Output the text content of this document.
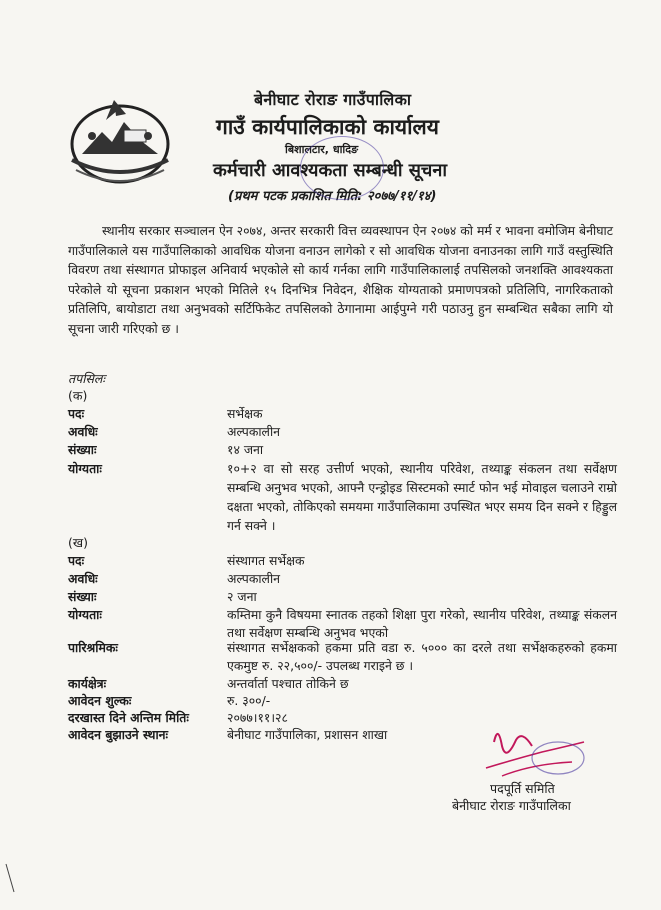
बेनीघाट रोराङ गाउँपालिका
गाउँ कार्यपालिकाको कार्यालय
बिशालटार, धादिङ
कर्मचारी आवश्यकता सम्बन्धी सूचना
(प्रथम पटक प्रकाशित मिति: २०७७/११/१४)
स्थानीय सरकार सञ्चालन ऐन २०७४, अन्तर सरकारी वित्त व्यवस्थापन ऐन २०७४ को मर्म र भावना वमोजिम बेनीघाट गाउँपालिकाले यस गाउँपालिकाको आवधिक योजना वनाउन लागेको र सो आवधिक योजना वनाउनका लागि गाउँ वस्तुस्थिति विवरण तथा संस्थागत प्रोफाइल अनिवार्य भएकोले सो कार्य गर्नका लागि गाउँपालिकालाई तपसिलको जनशक्ति आवश्यकता परेकोले यो सूचना प्रकाशन भएको मितिले १५ दिनभित्र निवेदन, शैक्षिक योग्यताको प्रमाणपत्रको प्रतिलिपि, नागरिकताको प्रतिलिपि, बायोडाटा तथा अनुभवको सर्टिफिकेट तपसिलको ठेगानामा आईपुग्ने गरी पठाउनु हुन सम्बन्धित सबैका लागि यो सूचना जारी गरिएको छ ।
तपसिलः
(क)
पदः	सर्भेक्षक
अवधिः	अल्पकालीन
संख्याः	१४ जना
योग्यताः	१०+२ वा सो सरह उत्तीर्ण भएको, स्थानीय परिवेश, तथ्याङ्क संकलन तथा सर्वेक्षण सम्बन्धि अनुभव भएको, आफ्नै एन्ड्रोइड सिस्टमको स्मार्ट फोन भई मोवाइल चलाउने राम्रो दक्षता भएको, तोकिएको समयमा गाउँपालिकामा उपस्थित भएर समय दिन सक्ने र हिड्डुल गर्न सक्ने ।
(ख)
पदः	संस्थागत सर्भेक्षक
अवधिः	अल्पकालीन
संख्याः	२ जना
योग्यताः	कम्तिमा कुनै विषयमा स्नातक तहको शिक्षा पुरा गरेको, स्थानीय परिवेश, तथ्याङ्क संकलन तथा सर्वेक्षण सम्बन्धि अनुभव भएको
पारिश्रमिकः	संस्थागत सर्भेक्षकको हकमा प्रति वडा रु. ५००० का दरले तथा सर्भेक्षकहरुको हकमा एकमुष्ट रु. २२,५००/- उपलब्ध गराइने छ ।
कार्यक्षेत्रः	अन्तर्वार्ता पश्चात तोकिने छ
आवेदन शुल्कः	रु. ३००/-
दरखास्त दिने अन्तिम मितिः	२०७७।११।२८
आवेदन बुझाउने स्थानः	बेनीघाट गाउँपालिका, प्रशासन शाखा
पदपूर्ति समिति
बेनीघाट रोराङ गाउँपालिका
